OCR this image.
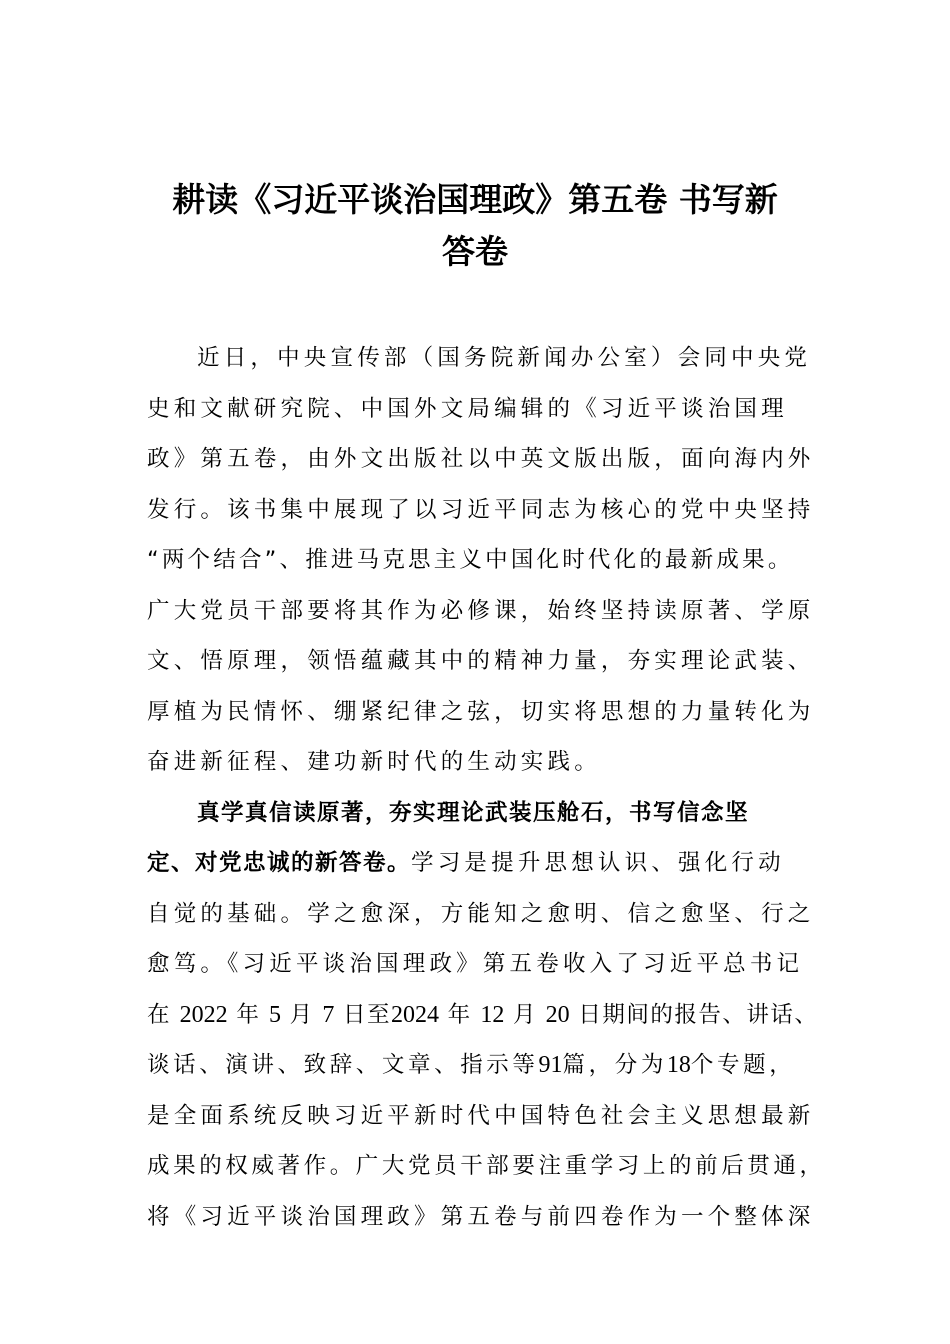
耕读《习近平谈治国理政》第五卷 书写新
答卷
近日，中央宣传部（国务院新闻办公室）会同中央党
史和文献研究院、中国外文局编辑的《习近平谈治国理
政》第五卷，由外文出版社以中英文版出版，面向海内外
发行。该书集中展现了以习近平同志为核心的党中央坚持
“两个结合”、推进马克思主义中国化时代化的最新成果。
广大党员干部要将其作为必修课，始终坚持读原著、学原
文、悟原理，领悟蕴藏其中的精神力量，夯实理论武装、
厚植为民情怀、绷紧纪律之弦，切实将思想的力量转化为
奋进新征程、建功新时代的生动实践。
真学真信读原著，夯实理论武装压舱石，书写信念坚
定、对党忠诚的新答卷。学习是提升思想认识、强化行动
自觉的基础。学之愈深，方能知之愈明、信之愈坚、行之
愈笃。《习近平谈治国理政》第五卷收入了习近平总书记
在 2022 年 5 月 7 日至2024 年 12 月 20 日期间的报告、讲话、
谈话、演讲、致辞、文章、指示等91篇，分为18个专题，
是全面系统反映习近平新时代中国特色社会主义思想最新
成果的权威著作。广大党员干部要注重学习上的前后贯通，
将《习近平谈治国理政》第五卷与前四卷作为一个整体深
